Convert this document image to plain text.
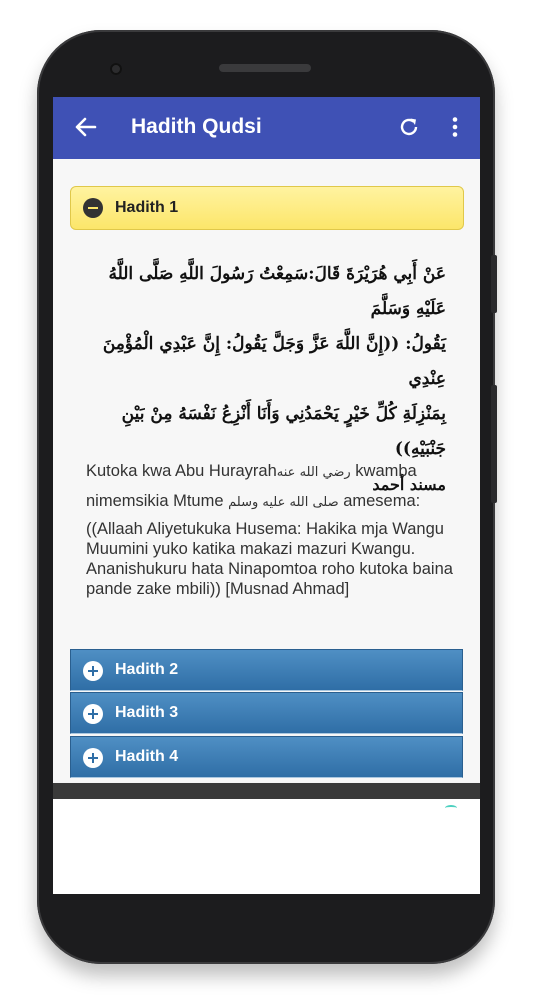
Hadith Qudsi
Hadith 1
عَنْ أَبِي هُرَيْرَةَ قَالَ:سَمِعْتُ رَسُولَ اللَّهِ صَلَّى اللَّهُ عَلَيْهِ وَسَلَّمَ
يَقُولُ: ((إِنَّ اللَّهَ عَزَّ وَجَلَّ يَقُولُ: إِنَّ عَبْدِي الْمُؤْمِنَ عِنْدِي
بِمَنْزِلَةِ كُلِّ خَيْرٍ يَحْمَدُنِي وَأَنَا أَنْزِعُ نَفْسَهُ مِنْ بَيْنِ جَنْبَيْهِ))

مسند أحمد

Kutoka kwa Abu Hurayrahرضي الله عنه kwamba

nimemsikia Mtume صلى الله عليه وسلم amesema:

((Allaah Aliyetukuka Husema: Hakika mja Wangu Muumini yuko katika makazi mazuri Kwangu. Ananishukuru hata Ninapomtoa roho kutoka baina pande zake mbili)) [Musnad Ahmad]

Hadith 2
Hadith 3
Hadith 4
